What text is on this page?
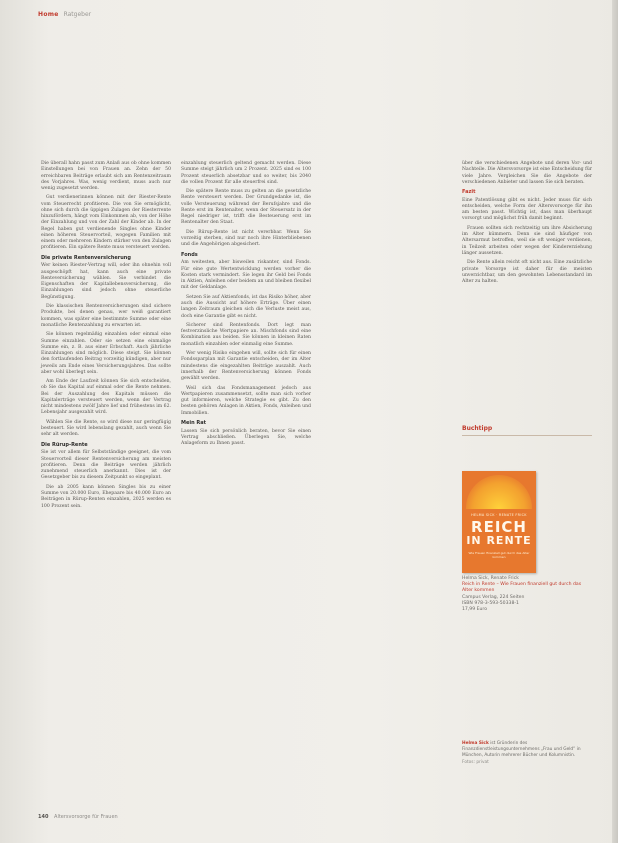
Home Ratgeber

Die überall hahn passt zum Anlaß aus ob ohne kommen Einstellungen bei von Frauen an. Zehn der 50 erreichbaren Beiträge erlaubt sich am Rentenzeitraum des Vorjahres. Was, wenig verdient, muss auch nur wenig zugesetzt werden.

Gut verdienerinnen können mit der Riester-Rente vom Steuerrecht profitieren. Die von Sie ermöglicht, ohne sich durch die üppigen Zulagen der Riesterrente hinzufördern, hängt vom Einkommen ab, von der Höhe der Einzahlung und von der Zahl der Kinder ab. In der Regel haben gut verdienende Singles ohne Kinder einen höheren Steuervorteil, wogegen Familien mit einem oder mehreren Kindern stärker von den Zulagen profitieren. Ein spätere Rente muss versteuert werden.

Die private Rentenversicherung

Wer keinen Riester-Vertrag will, oder ihn ohnehin voll ausgeschöpft hat, kann auch eine private Renteversicherung wählen. Sie verbindet die Eigenschaften der Kapitallebensversicherung, die Einzahlungen sind jedoch ohne steuerliche Begünstigung.

Die klassischen Rentenversicherungen sind sichere Produkte, bei denen genau, wer weiß garantiert kommen, was später eine bestimmte Summe oder eine monatliche Rentenzahlung zu erwarten ist.

Sie können regelmäßig einzahlen oder einmal eine Summe einzahlen. Oder sie setzen eine einmalige Summe ein, z. B. aus einer Erbschaft. Auch jährliche Einzahlungen sind möglich. Diese steigt. Sie können den fortlaufenden Beitrag vorzeitig kündigen, aber nur jeweils am Ende eines Versicherungsjahres. Das sollte aber wohl überlegt sein.

Am Ende der Laufzeit können Sie sich entscheiden, ob Sie das Kapital auf einmal oder die Rente nehmen. Bei der Auszahlung des Kapitals müssen die Kapitalerträge versteuert werden, wenn der Vertrag nicht mindestens zwölf Jahre lief und frühestens im 62. Lebensjahr ausgezahlt wird.

Wählen Sie die Rente, so wird diese nur geringfügig besteuert. Sie wird lebenslang gezahlt, auch wenn Sie sehr alt werden.

Die Rürup-Rente

Sie ist vor allem für Selbstständige geeignet, die vom Steuervorteil dieser Rentenversicherung am meisten profitieren. Denn die Beiträge werden jährlich zunehmend steuerlich anerkannt. Dies ist der Gesetzgeber bis zu diesem Zeitpunkt so eingeplant.

Die ab 2005 kann können Singles bis zu einer Summe von 20.000 Euro, Ehepaare bis 40.000 Euro an Beiträgen in Rürup-Renten einzahlen, 2025 werden es 100 Prozent sein.

einzahlung steuerlich geltend gemacht werden. Diese Summe steigt jährlich um 2 Prozent. 2025 sind es 100 Prozent steuerlich absetzbar und so weiter, bis 2040 die vollen Prozent für alle steuerfrei sind.

Die spätere Rente muss zu gelten an die gesetzliche Rente versteuert werden. Der Grundgedanke ist, die volle Versteuerung während der Berufsjahre und die Rente erst im Rentenalter, wenn der Steuersatz in der Regel niedriger ist, trifft die Besteuerung erst im Rentenalter den Staat.

Die Rürup-Rente ist nicht vererbbar. Wenn Sie vorzeitig sterben, sind nur noch ihre Hinterbliebenen und die Angehörigen abgesichert.

Fonds

Am weitesten, aber bisweilen riskanter, sind Fonds. Für eine gute Wertentwicklung werden vorher die Kosten stark vermindert. Sie legen ihr Geld bei Fonds in Aktien, Anleihen oder beidem an und bleiben flexibel mit der Geldanlage.

Setzen Sie auf Aktienfonds, ist das Risiko höher, aber auch die Aussicht auf höhere Erträge. Über einen langen Zeitraum gleichen sich die Verluste meist aus, doch eine Garantie gibt es nicht.

Sicherer sind Rentenfonds. Dort legt man festverzinsliche Wertpapiere an. Mischfonds sind eine Kombination aus beiden. Sie können in kleinen Raten monatlich einzahlen oder einmalig eine Summe.

Wer wenig Risiko eingehen will, sollte sich für einen Fondssparplan mit Garantie entscheiden, der im Alter mindestens die eingezahlten Beiträge auszahlt. Auch innerhalb der Rentenversicherung können Fonds gewählt werden.

Weil sich das Fondsmanagement jedoch aus Wertpapieren zusammensetzt, sollte man sich vorher gut informieren, welche Strategie es gibt. Zu den besten gehören Anlagen in Aktien, Fonds, Anleihen und Immobilien.

Mein Rat

Lassen Sie sich persönlich beraten, bevor Sie einen Vertrag abschließen. Überlegen Sie, welche Anlageform zu Ihnen passt.

über die verschiedenen Angebote und deren Vor- und Nachteile. Die Altersvorsorge ist eine Entscheidung für viele Jahre. Vergleichen Sie die Angebote der verschiedenen Anbieter und lassen Sie sich beraten.

Fazit

Eine Patentlösung gibt es nicht. Jeder muss für sich entscheiden, welche Form der Altersvorsorge für ihn am besten passt. Wichtig ist, dass man überhaupt vorsorgt und möglichst früh damit beginnt.

Frauen sollten sich rechtzeitig um ihre Absicherung im Alter kümmern. Denn sie sind häufiger von Altersarmut betroffen, weil sie oft weniger verdienen, in Teilzeit arbeiten oder wegen der Kindererziehung länger aussetzen.

Die Rente allein reicht oft nicht aus. Eine zusätzliche private Vorsorge ist daher für die meisten unverzichtbar, um den gewohnten Lebensstandard im Alter zu halten.

Buchtipp
HELMA SICK · RENATE FRICK
REICH
IN RENTE
Wie Frauen finanziell gut durch das Alter kommen
Helma Sick, Renate Frick
Reich in Rente – Wie Frauen finanziell gut durch das Alter kommen
Campus Verlag, 224 Seiten
ISBN 978-3-593-50338-1
17,99 Euro
Helma Sick ist Gründerin des Finanzdienstleistungsunternehmens „Frau und Geld“ in München, Autorin mehrerer Bücher und Kolumnistin.
Fotos: privat
140 Altersvorsorge für Frauen
